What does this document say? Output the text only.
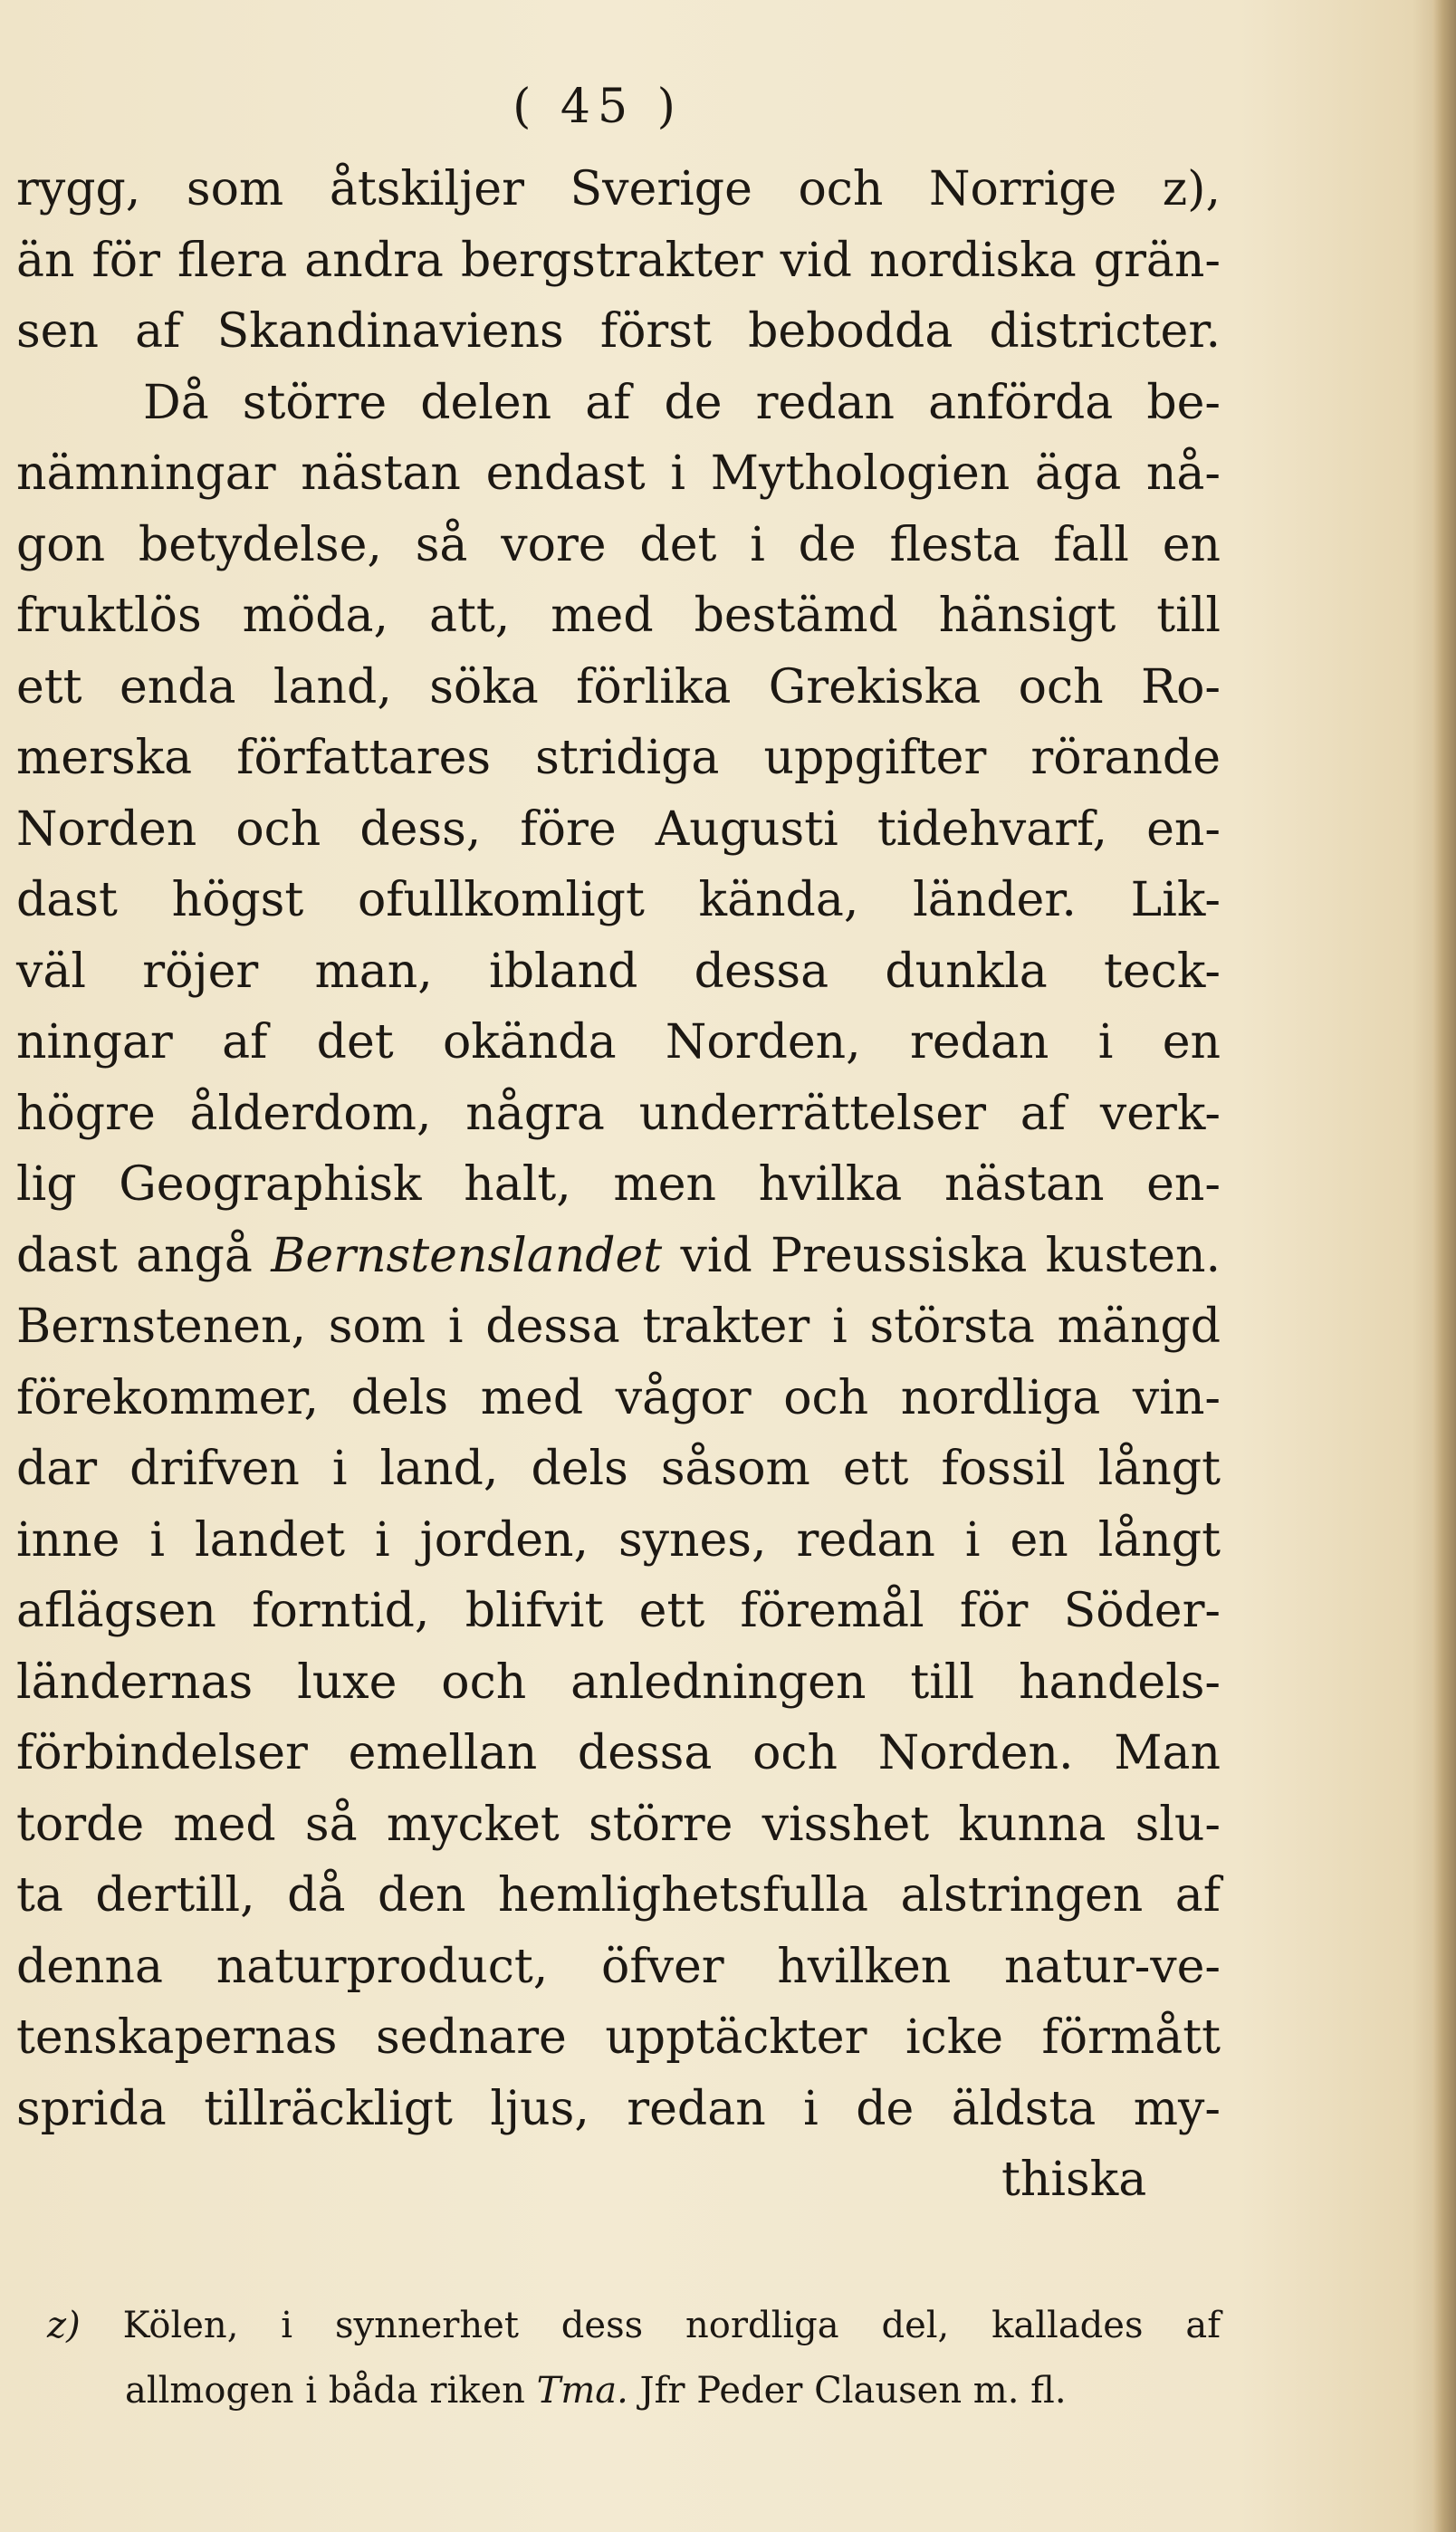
( 45 )
rygg, som åtskiljer Sverige och Norrige z),
än för flera andra bergstrakter vid nordiska grän-
sen af Skandinaviens först bebodda districter.
Då större delen af de redan anförda be-
nämningar nästan endast i Mythologien äga nå-
gon betydelse, så vore det i de flesta fall en
fruktlös möda, att, med bestämd hänsigt till
ett enda land, söka förlika Grekiska och Ro-
merska författares stridiga uppgifter rörande
Norden och dess, före Augusti tidehvarf, en-
dast högst ofullkomligt kända, länder. Lik-
väl röjer man, ibland dessa dunkla teck-
ningar af det okända Norden, redan i en
högre ålderdom, några underrättelser af verk-
lig Geographisk halt, men hvilka nästan en-
dast angå Bernstenslandet vid Preussiska kusten.
Bernstenen, som i dessa trakter i största mängd
förekommer, dels med vågor och nordliga vin-
dar drifven i land, dels såsom ett fossil långt
inne i landet i jorden, synes, redan i en långt
aflägsen forntid, blifvit ett föremål för Söder-
ländernas luxe och anledningen till handels-
förbindelser emellan dessa och Norden. Man
torde med så mycket större visshet kunna slu-
ta dertill, då den hemlighetsfulla alstringen af
denna naturproduct, öfver hvilken natur-ve-
tenskapernas sednare upptäckter icke förmått
sprida tillräckligt ljus, redan i de äldsta my-
thiska
z) Kölen, i synnerhet dess nordliga del, kallades af
allmogen i båda riken Tma. Jfr Peder Clausen m. fl.
